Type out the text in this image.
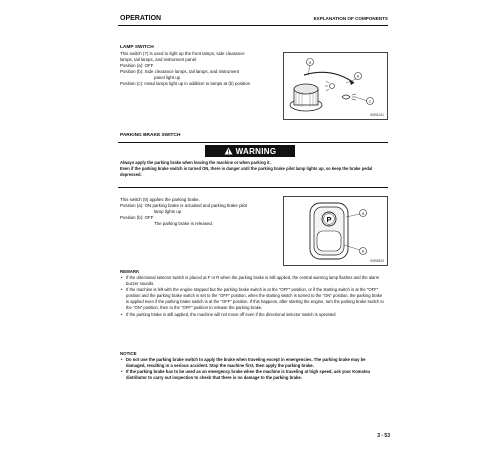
OPERATION	EXPLANATION OF COMPONENTS
LAMP SWITCH

This switch (7) is used to light up the front lamps, side clearance

lamps, tail lamps, and instrument panel.

Position (a): OFF

Position (b): Side clearance lamps, tail lamps, and instrument

panel light up

Position (c): Head lamps light up in addition to lamps at (b) position

a
b
c
9J951041
PARKING BRAKE SWITCH
WARNING

Always apply the parking brake when leaving the machine or when parking it.

Even if the parking brake switch is turned ON, there is danger until the parking brake pilot lamp lights up, so keep the brake pedal

depressed.

This switch (8) applies the parking brake.

Position (a): ON parking brake is actuated and parking brake pilot

lamp lights up

Position (b): OFF

The parking brake is released.

P
a
b
9J950813
REMARK

• If the directional selector switch is placed at F or R when the parking brake is still applied, the central warning lamp flashes and the alarm buzzer sounds.

• If the machine is left with the engine stopped but the parking brake switch is at the "OFF" position, or if the starting switch is at the "OFF" position and the parking brake switch is set to the "OFF" position, when the starting switch is turned to the "ON" position, the parking brake is applied even if the parking brake switch is at the "OFF" position. If this happens, after starting the engine, turn the parking brake switch to the "ON" position, then to the "OFF" position to release the parking brake.

• If the parking brake is still applied, the machine will not move off even if the directional selector switch is operated.

NOTICE

• Do not use the parking brake switch to apply the brake when traveling except in emergencies. The parking brake may be damaged, resulting in a serious accident. Stop the machine first, then apply the parking brake.

• If the parking brake has to be used as an emergency brake when the machine is traveling at high speed, ask your Komatsu distributor to carry out inspection to check that there is no damage to the parking brake.

3 - 53
